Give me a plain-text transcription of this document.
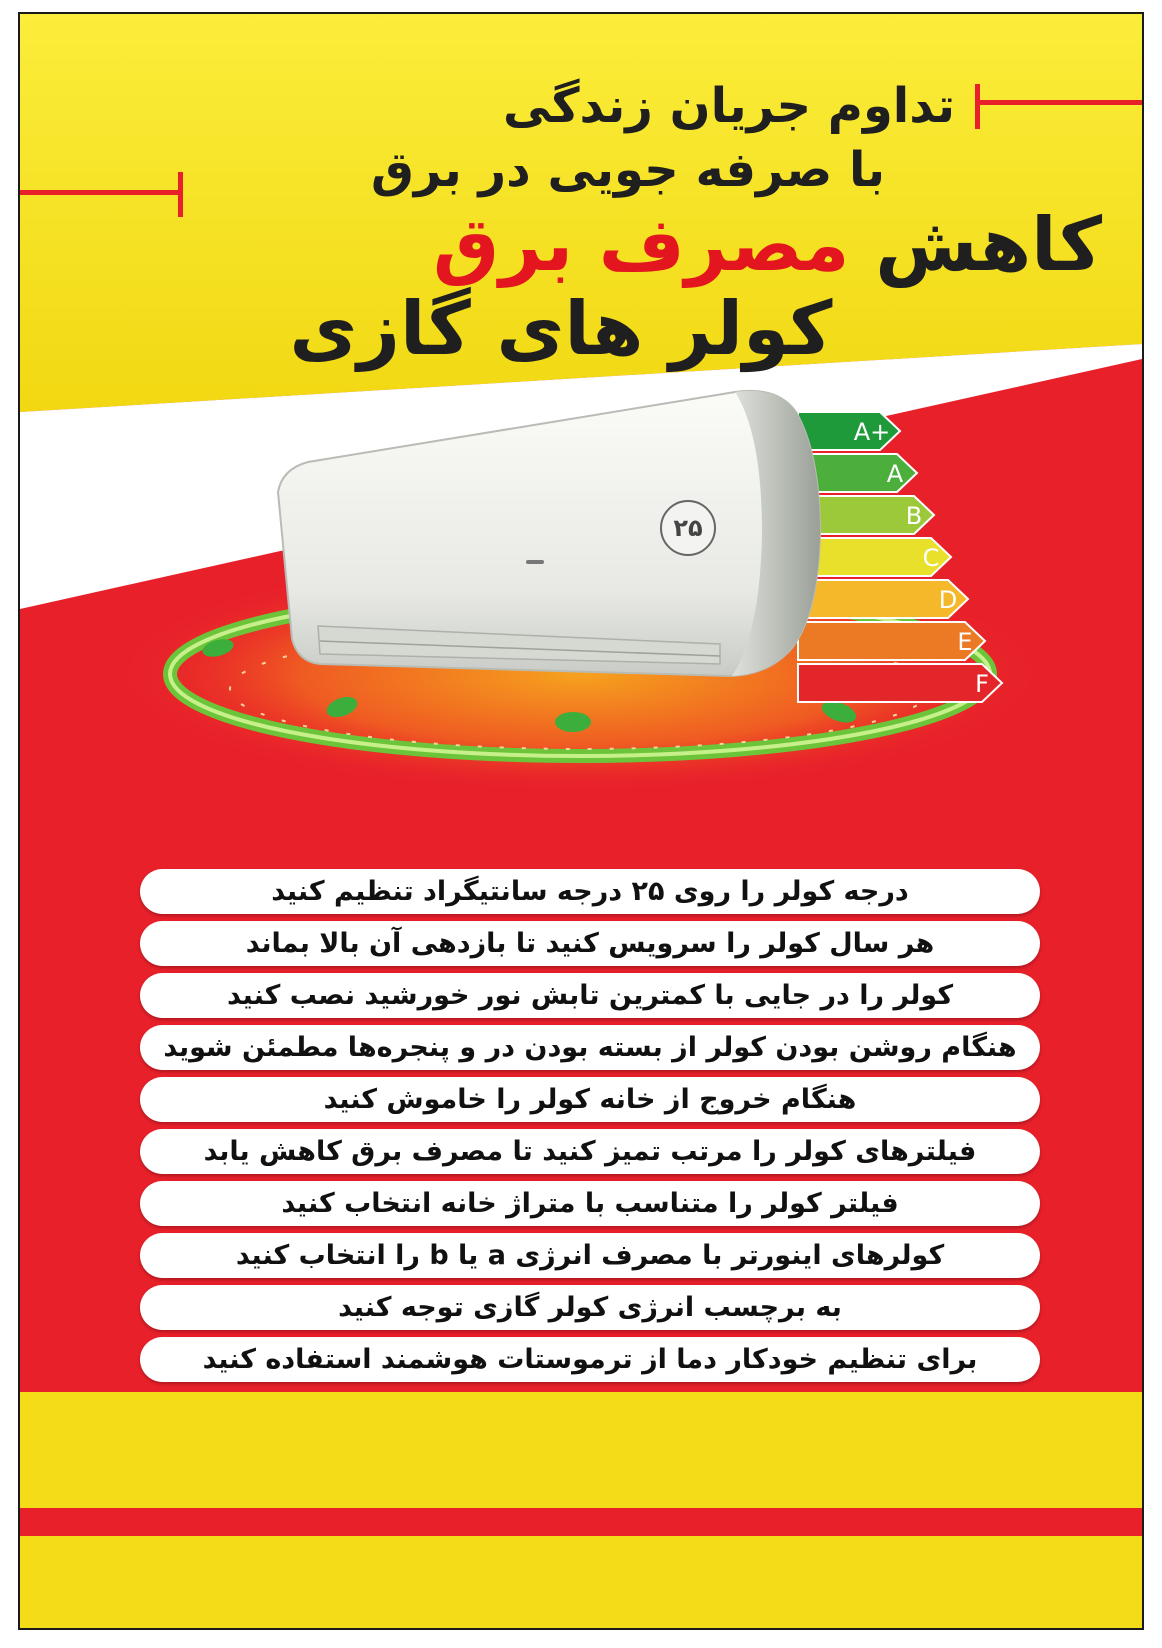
تداوم جریان زندگی
با صرفه جویی در برق
کاهش مصرف برق
کولر های گازی
۲۵
A+
A
B
C
D
E
F
درجه کولر را روی ۲۵ درجه سانتیگراد تنظیم کنید
هر سال کولر را سرویس کنید تا بازدهی آن بالا بماند
کولر را در جایی با کمترین تابش نور خورشید نصب کنید
هنگام روشن بودن کولر از بسته بودن در و پنجره‌ها مطمئن شوید
هنگام خروج از خانه کولر را خاموش کنید
فیلترهای کولر را مرتب تمیز کنید تا مصرف برق کاهش یابد
فیلتر کولر را متناسب با متراژ خانه انتخاب کنید
کولرهای اینورتر با مصرف انرژی a یا b را انتخاب کنید
به برچسب انرژی کولر گازی توجه کنید
برای تنظیم خودکار دما از ترموستات هوشمند استفاده کنید
